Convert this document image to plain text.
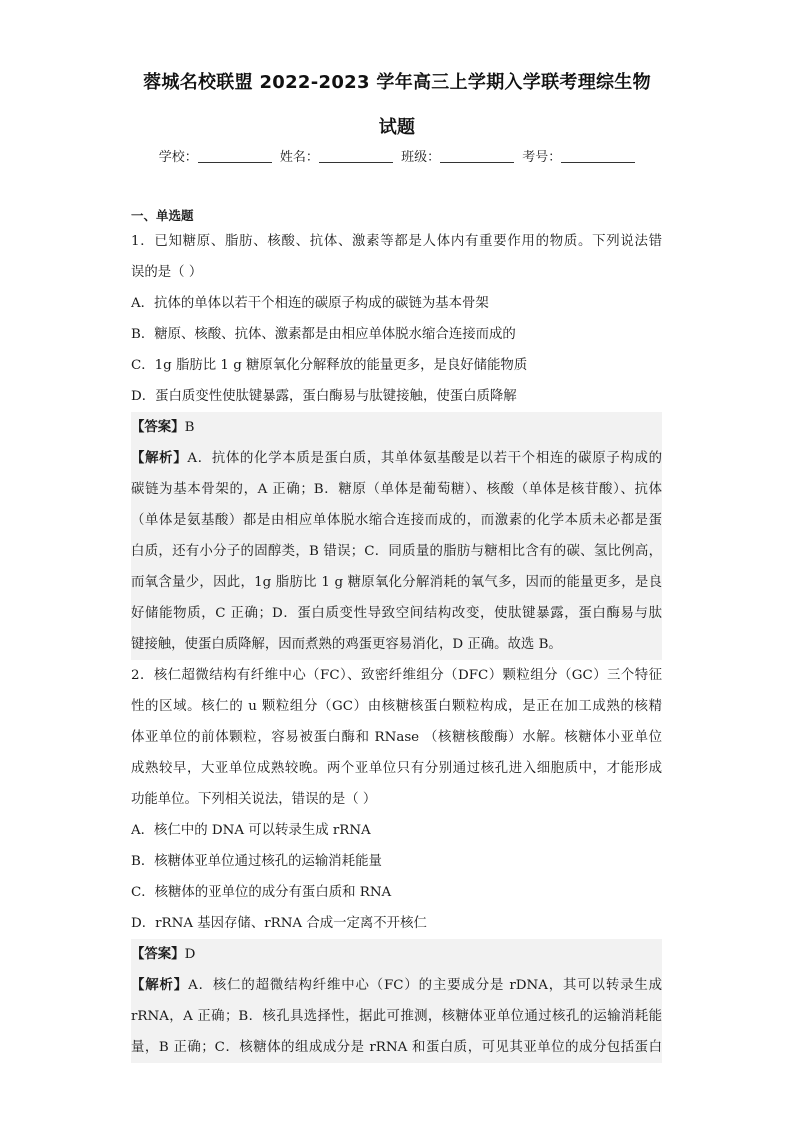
蓉城名校联盟 2022-2023 学年高三上学期入学联考理综生物
试题
学校：	姓名：	班级：	考号：
一、单选题
1．已知糖原、脂肪、核酸、抗体、激素等都是人体内有重要作用的物质。下列说法错
误的是（ ）
A．抗体的单体以若干个相连的碳原子构成的碳链为基本骨架
B．糖原、核酸、抗体、激素都是由相应单体脱水缩合连接而成的
C．1g 脂肪比 1 g 糖原氧化分解释放的能量更多，是良好储能物质
D．蛋白质变性使肽键暴露，蛋白酶易与肽键接触，使蛋白质降解
【答案】B
【解析】A．抗体的化学本质是蛋白质，其单体氨基酸是以若干个相连的碳原子构成的
碳链为基本骨架的，A 正确；B．糖原（单体是葡萄糖）、核酸（单体是核苷酸）、抗体
（单体是氨基酸）都是由相应单体脱水缩合连接而成的，而激素的化学本质未必都是蛋
白质，还有小分子的固醇类，B 错误；C．同质量的脂肪与糖相比含有的碳、氢比例高，
而氧含量少，因此，1g 脂肪比 1 g 糖原氧化分解消耗的氧气多，因而的能量更多，是良
好储能物质，C 正确；D．蛋白质变性导致空间结构改变，使肽键暴露，蛋白酶易与肽
键接触，使蛋白质降解，因而煮熟的鸡蛋更容易消化，D 正确。故选 B。
2．核仁超微结构有纤维中心（FC）、致密纤维组分（DFC）颗粒组分（GC）三个特征
性的区域。核仁的 u 颗粒组分（GC）由核糖核蛋白颗粒构成，是正在加工成熟的核精
体亚单位的前体颗粒，容易被蛋白酶和 RNase （核糖核酸酶）水解。核糖体小亚单位
成熟较早，大亚单位成熟较晚。两个亚单位只有分别通过核孔进入细胞质中，才能形成
功能单位。下列相关说法，错误的是（ ）
A．核仁中的 DNA 可以转录生成 rRNA
B．核糖体亚单位通过核孔的运输消耗能量
C．核糖体的亚单位的成分有蛋白质和 RNA
D．rRNA 基因存储、rRNA 合成一定离不开核仁
【答案】D
【解析】A．核仁的超微结构纤维中心（FC）的主要成分是 rDNA，其可以转录生成
rRNA，A 正确；B．核孔具选择性，据此可推测，核糖体亚单位通过核孔的运输消耗能
量，B 正确；C．核糖体的组成成分是 rRNA 和蛋白质，可见其亚单位的成分包括蛋白
